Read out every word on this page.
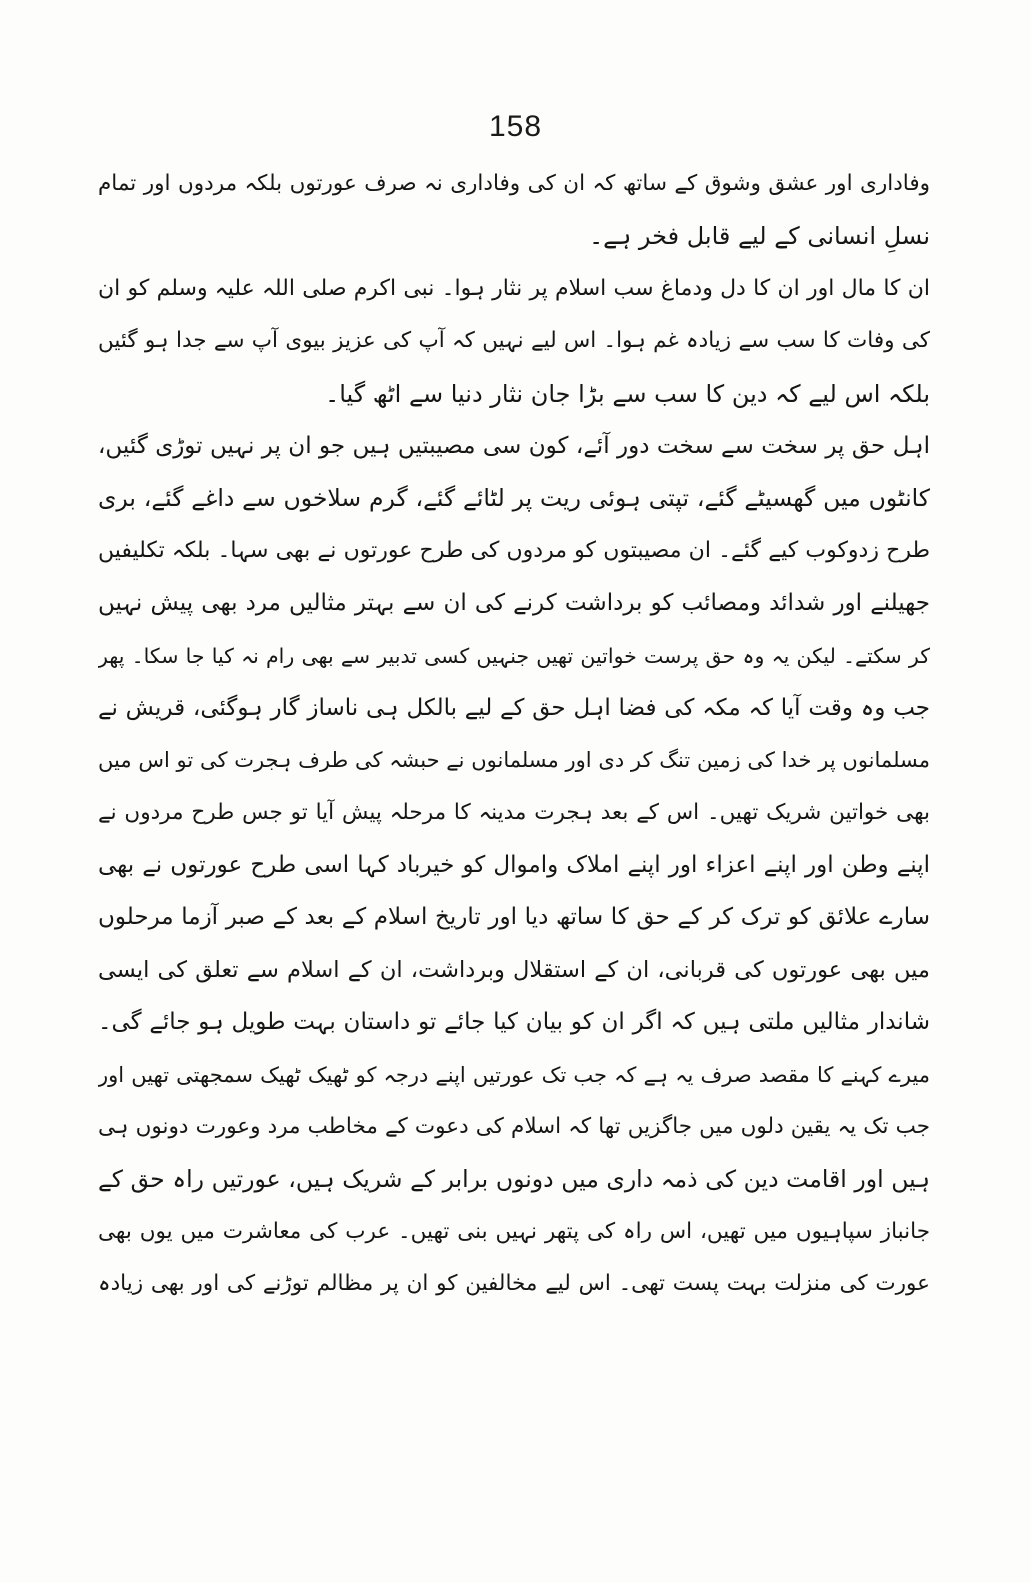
158
وفاداری اور عشق وشوق کے ساتھ کہ ان کی وفاداری نہ صرف عورتوں بلکہ مردوں اور تمام
نسلِ انسانی کے لیے قابل فخر ہے۔
ان کا مال اور ان کا دل ودماغ سب اسلام پر نثار ہوا۔ نبی اکرم صلی اللہ علیہ وسلم کو ان
کی وفات کا سب سے زیادہ غم ہوا۔ اس لیے نہیں کہ آپ کی عزیز بیوی آپ سے جدا ہو گئیں
بلکہ اس لیے کہ دین کا سب سے بڑا جان نثار دنیا سے اٹھ گیا۔
اہل حق پر سخت سے سخت دور آئے، کون سی مصیبتیں ہیں جو ان پر نہیں توڑی گئیں،
کانٹوں میں گھسیٹے گئے، تپتی ہوئی ریت پر لٹائے گئے، گرم سلاخوں سے داغے گئے، بری
طرح زدوکوب کیے گئے۔ ان مصیبتوں کو مردوں کی طرح عورتوں نے بھی سہا۔ بلکہ تکلیفیں
جھیلنے اور شدائد ومصائب کو برداشت کرنے کی ان سے بہتر مثالیں مرد بھی پیش نہیں
کر سکتے۔ لیکن یہ وہ حق پرست خواتین تھیں جنہیں کسی تدبیر سے بھی رام نہ کیا جا سکا۔ پھر
جب وہ وقت آیا کہ مکہ کی فضا اہل حق کے لیے بالکل ہی ناساز گار ہوگئی، قریش نے
مسلمانوں پر خدا کی زمین تنگ کر دی اور مسلمانوں نے حبشہ کی طرف ہجرت کی تو اس میں
بھی خواتین شریک تھیں۔ اس کے بعد ہجرت مدینہ کا مرحلہ پیش آیا تو جس طرح مردوں نے
اپنے وطن اور اپنے اعزاء اور اپنے املاک واموال کو خیرباد کہا اسی طرح عورتوں نے بھی
سارے علائق کو ترک کر کے حق کا ساتھ دیا اور تاریخ اسلام کے بعد کے صبر آزما مرحلوں
میں بھی عورتوں کی قربانی، ان کے استقلال وبرداشت، ان کے اسلام سے تعلق کی ایسی
شاندار مثالیں ملتی ہیں کہ اگر ان کو بیان کیا جائے تو داستان بہت طویل ہو جائے گی۔
میرے کہنے کا مقصد صرف یہ ہے کہ جب تک عورتیں اپنے درجہ کو ٹھیک ٹھیک سمجھتی تھیں اور
جب تک یہ یقین دلوں میں جاگزیں تھا کہ اسلام کی دعوت کے مخاطب مرد وعورت دونوں ہی
ہیں اور اقامت دین کی ذمہ داری میں دونوں برابر کے شریک ہیں، عورتیں راہ حق کے
جانباز سپاہیوں میں تھیں، اس راہ کی پتھر نہیں بنی تھیں۔ عرب کی معاشرت میں یوں بھی
عورت کی منزلت بہت پست تھی۔ اس لیے مخالفین کو ان پر مظالم توڑنے کی اور بھی زیادہ
